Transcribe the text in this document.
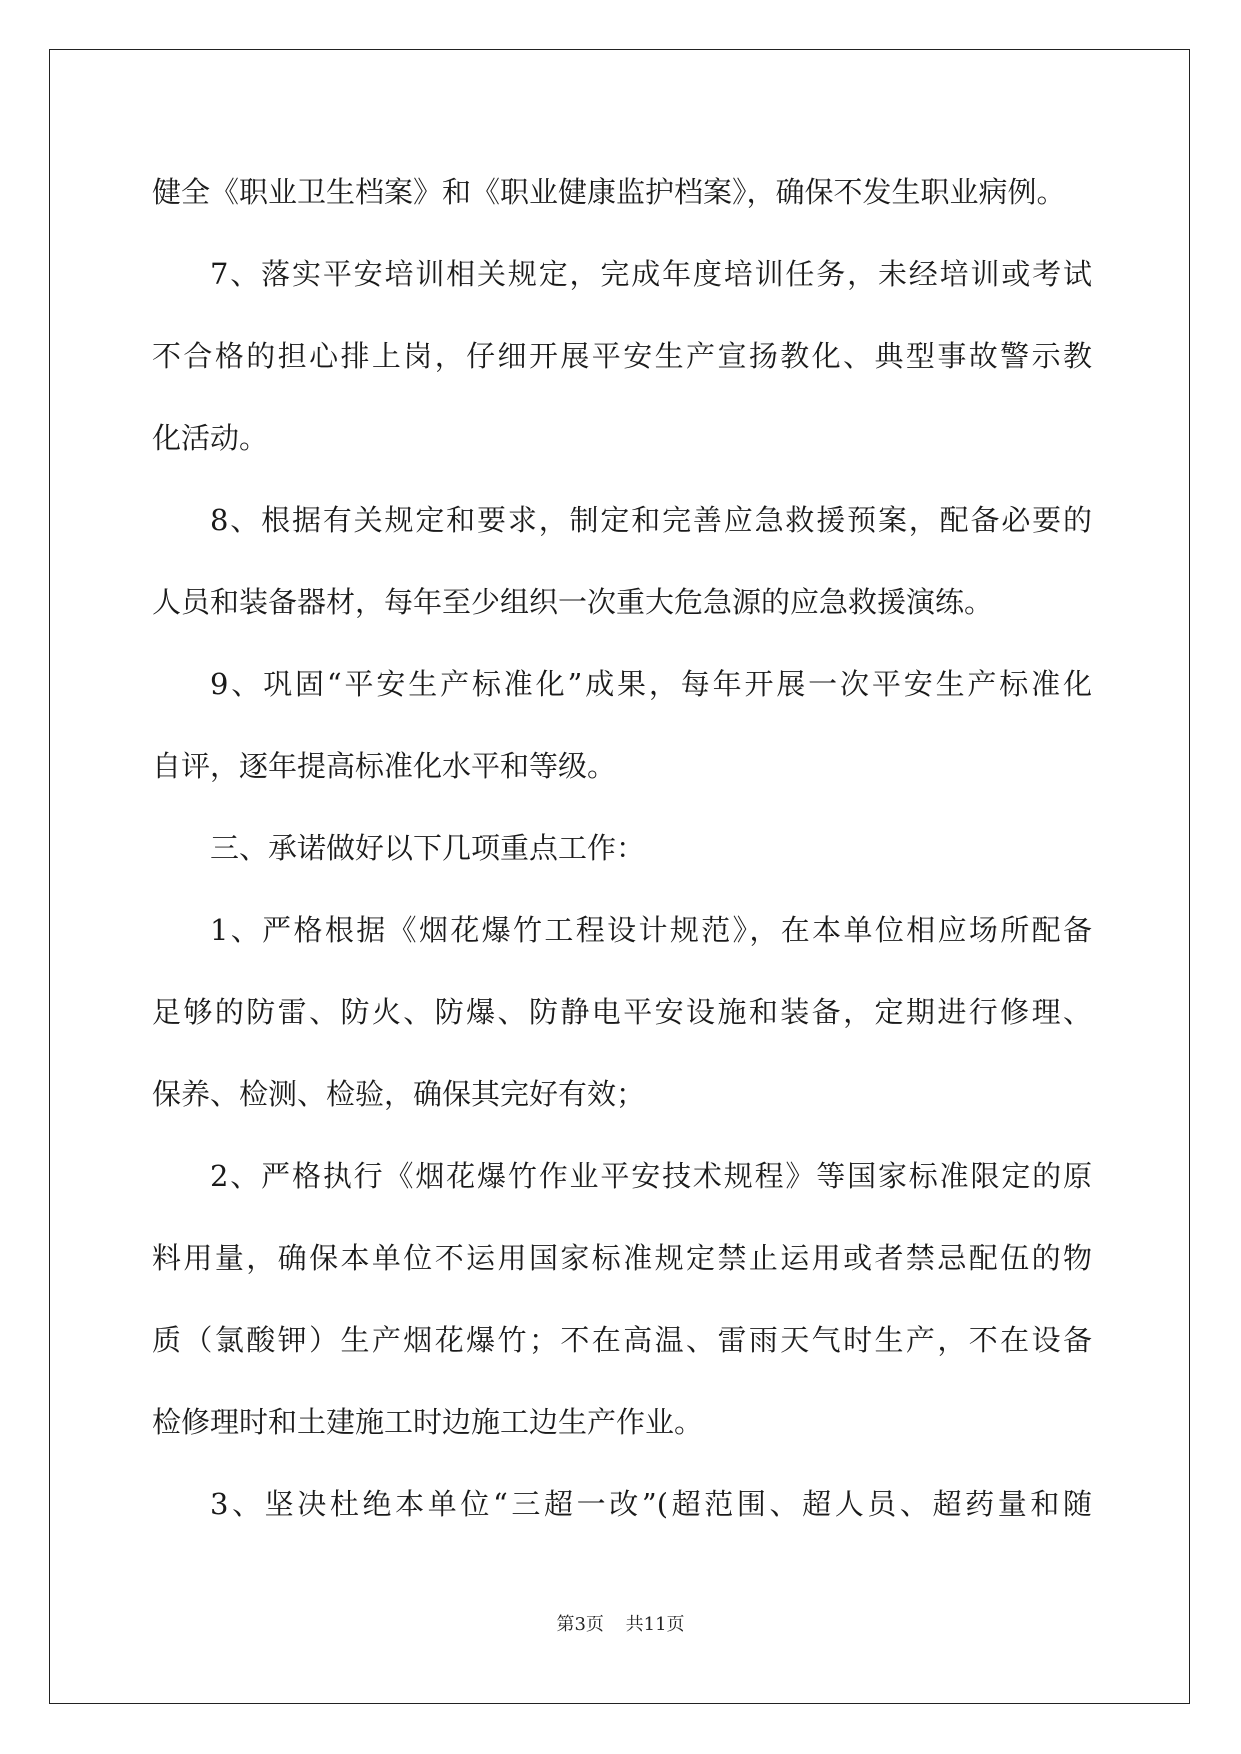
健全《职业卫生档案》和《职业健康监护档案》，确保不发生职业病例。
7、落实平安培训相关规定，完成年度培训任务，未经培训或考试
不合格的担心排上岗，仔细开展平安生产宣扬教化、典型事故警示教
化活动。
8、根据有关规定和要求，制定和完善应急救援预案，配备必要的
人员和装备器材，每年至少组织一次重大危急源的应急救援演练。
9、巩固“平安生产标准化”成果，每年开展一次平安生产标准化
自评，逐年提高标准化水平和等级。
三、承诺做好以下几项重点工作：
1、严格根据《烟花爆竹工程设计规范》，在本单位相应场所配备
足够的防雷、防火、防爆、防静电平安设施和装备，定期进行修理、
保养、检测、检验，确保其完好有效；
2、严格执行《烟花爆竹作业平安技术规程》等国家标准限定的原
料用量，确保本单位不运用国家标准规定禁止运用或者禁忌配伍的物
质（氯酸钾）生产烟花爆竹；不在高温、雷雨天气时生产，不在设备
检修理时和土建施工时边施工边生产作业。
3、坚决杜绝本单位“三超一改”(超范围、超人员、超药量和随
第3页 共11页
